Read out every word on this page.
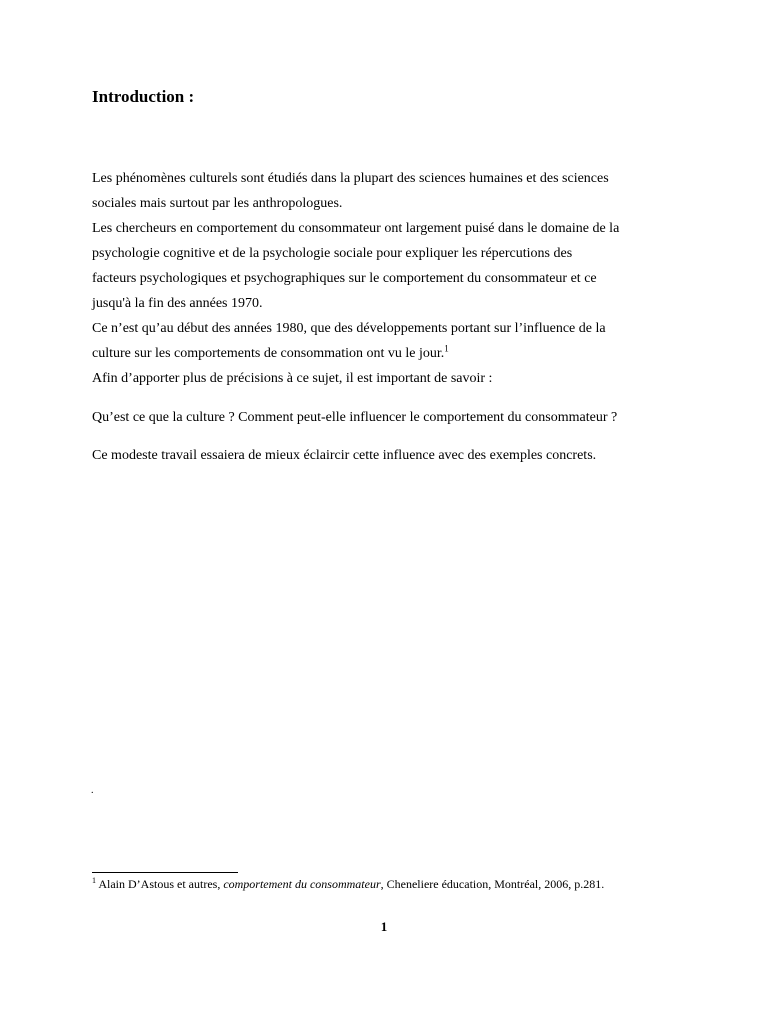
Introduction :

Les phénomènes culturels sont étudiés dans la plupart des sciences humaines et des sciences
sociales mais surtout par les anthropologues.
Les chercheurs en comportement du consommateur ont largement puisé dans le domaine de la
psychologie cognitive et de la psychologie sociale pour expliquer les répercutions des
facteurs psychologiques et psychographiques sur le comportement du consommateur et ce
jusqu'à la fin des années 1970.
Ce n’est qu’au début des années 1980, que des développements portant sur l’influence de la
culture sur les comportements de consommation ont vu le jour.$^1$
Afin d’apporter plus de précisions à ce sujet, il est important de savoir :

Qu’est ce que la culture ? Comment peut-elle influencer le comportement du consommateur ?

Ce modeste travail essaiera de mieux éclaircir cette influence avec des exemples concrets.

.

$^1$ Alain D’Astous et autres, comportement du consommateur, Cheneliere éducation, Montréal, 2006, p.281.

1
